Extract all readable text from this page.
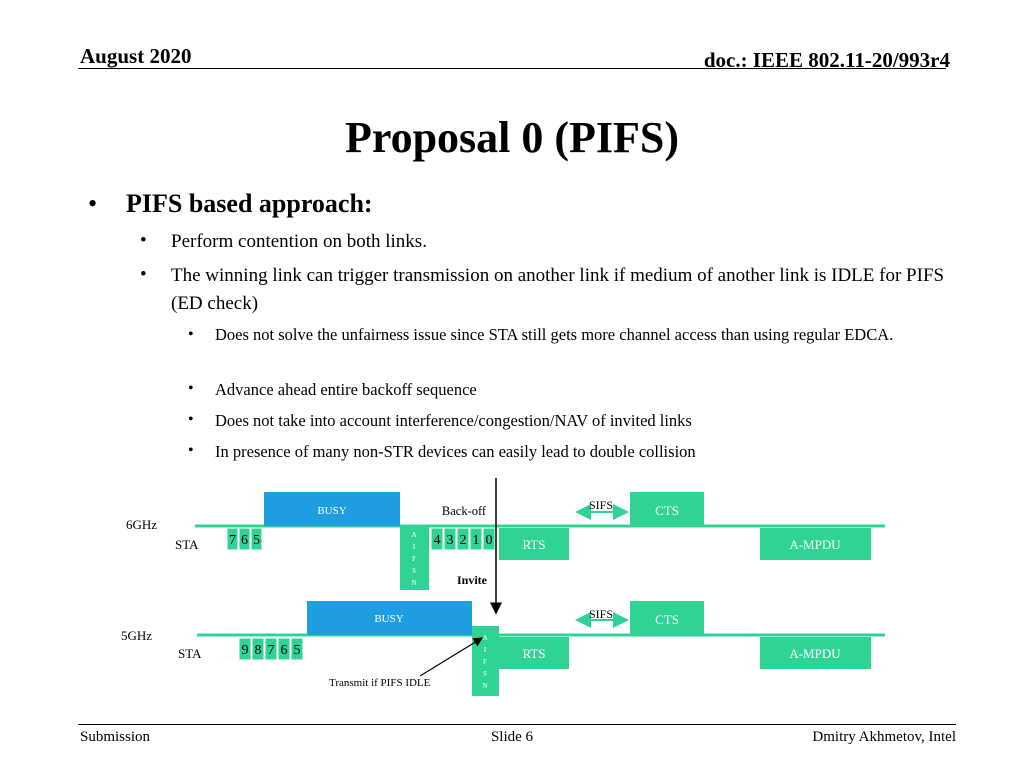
August 2020	doc.: IEEE 802.11-20/993r4
Proposal 0 (PIFS)
• PIFS based approach:
• Perform contention on both links.
• The winning link can trigger transmission on another link if medium of another link is IDLE for PIFS (ED check)
• Does not solve the unfairness issue since STA still gets more channel access than using regular EDCA.
• Advance ahead entire backoff sequence
• Does not take into account interference/congestion/NAV of invited links
• In presence of many non-STR devices can easily lead to double collision
6GHz
STA
BUSY	Back-off
7 6 5	A
I
F
S
N
4 3 2 1 0 RTS
SIFS	CTS
A-MPDU
Invite
5GHz
STA
BUSY
9 8 7 6 5
A
I
F
S
N
RTS
SIFS	CTS
A-MPDU
Transmit if PIFS IDLE
Submission	Slide 6	Dmitry Akhmetov, Intel
